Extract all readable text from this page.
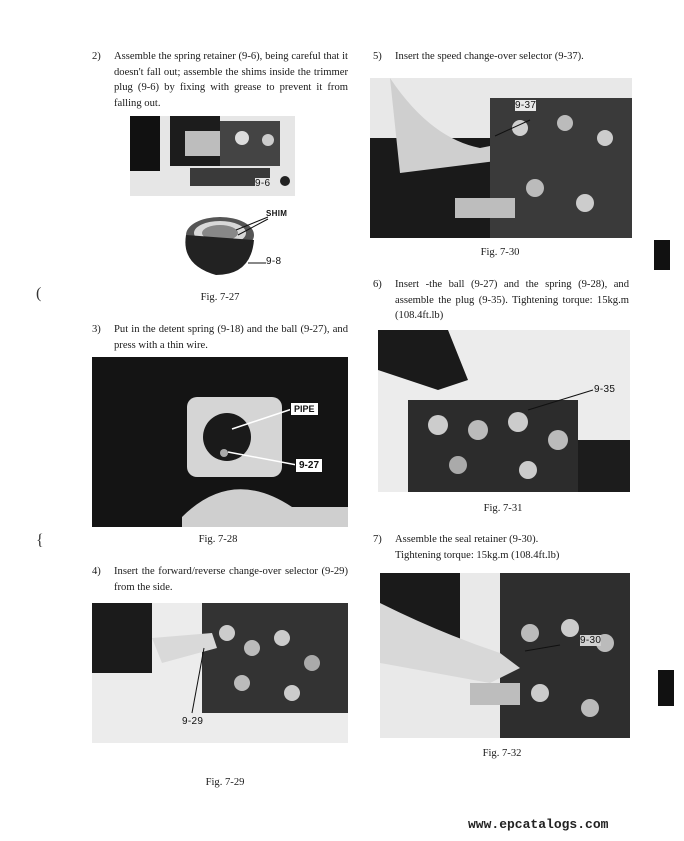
2)	Assemble the spring retainer (9-6), being careful that it doesn't fall out; assemble the shims inside the trimmer plug (9-6) by fixing with grease to prevent it from falling out.
9-6
SHIM
9-8
Fig. 7-27
3)	Put in the detent spring (9-18) and the ball (9-27), and press with a thin wire.
PIPE
9-27
Fig. 7-28
4)	Insert the forward/reverse change-over selector (9-29) from the side.
9-29
Fig. 7-29
5)	Insert the speed change-over selector (9-37).
9-37
Fig. 7-30
6)	Insert -the ball (9-27) and the spring (9-28), and assemble the plug (9-35). Tightening torque: 15kg.m (108.4ft.lb)
9-35
Fig. 7-31
7)	Assemble the seal retainer (9-30).
Tightening torque: 15kg.m (108.4ft.lb)
9-30
Fig. 7-32
(
{
www.epcatalogs.com
